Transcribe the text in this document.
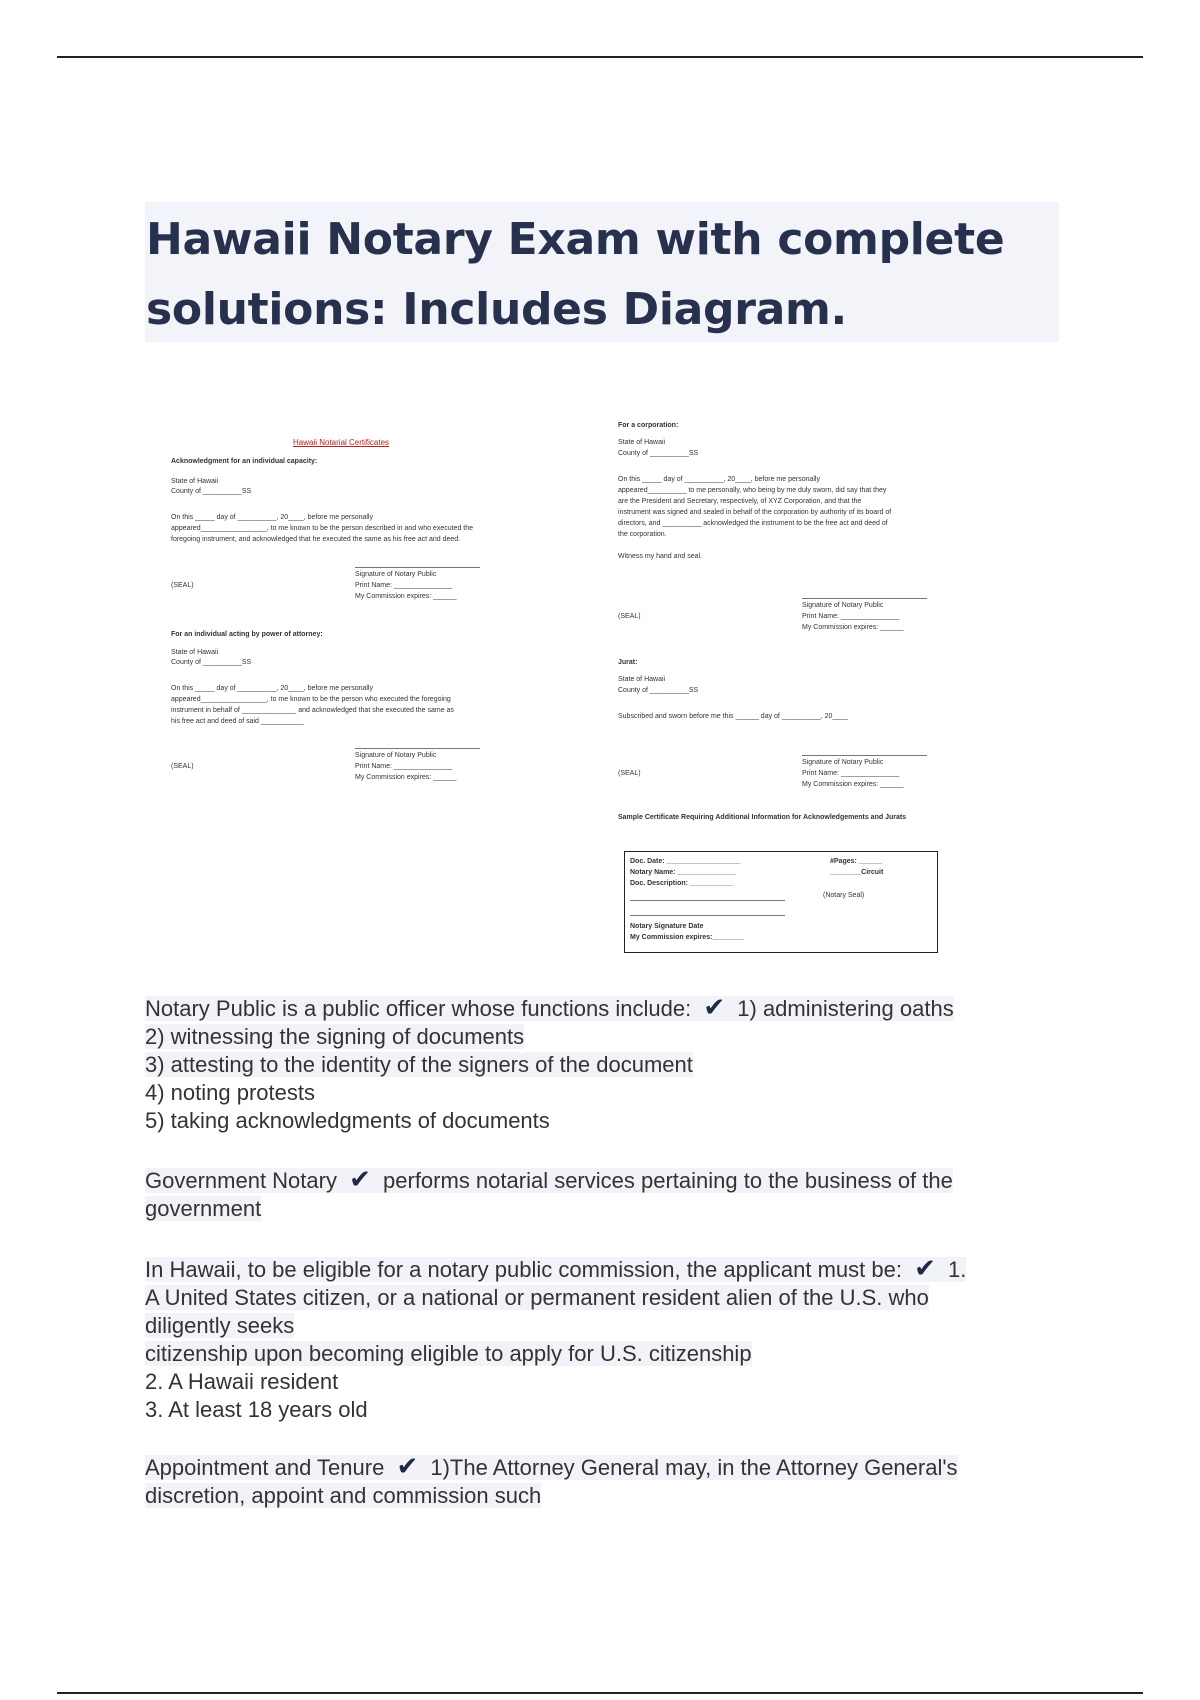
Hawaii Notary Exam with complete
solutions: Includes Diagram.
Hawaii Notarial Certificates
Acknowledgment for an individual capacity:
State of Hawaii
County of __________SS
On this _____ day of __________, 20____, before me personally
appeared_________________, to me known to be the person described in and who executed the
foregoing instrument, and acknowledged that he executed the same as his free act and deed.
Signature of Notary Public
Print Name: _______________
My Commission expires: ______
(SEAL)
For an individual acting by power of attorney:
State of Hawaii
County of __________SS
On this _____ day of __________, 20____, before me personally
appeared_________________, to me known to be the person who executed the foregoing
instrument in behalf of ______________ and acknowledged that she executed the same as
his free act and deed of said ___________
Signature of Notary Public
Print Name: _______________
My Commission expires: ______
(SEAL)
For a corporation:
State of Hawaii
County of __________SS
On this _____ day of __________, 20____, before me personally
appeared__________ to me personally, who being by me duly sworn, did say that they
are the President and Secretary, respectively, of XYZ Corporation, and that the
instrument was signed and sealed in behalf of the corporation by authority of its board of
directors, and __________ acknowledged the instrument to be the free act and deed of
the corporation.
Witness my hand and seal.
Signature of Notary Public
Print Name: _______________
My Commission expires: ______
(SEAL)
Jurat:
State of Hawaii
County of __________SS
Subscribed and sworn before me this ______ day of __________, 20____
Signature of Notary Public
Print Name: _______________
My Commission expires: ______
(SEAL)
Sample Certificate Requiring Additional Information for Acknowledgements and Jurats
Doc. Date: ___________________	#Pages: ______
Notary Name: _______________	________Circuit
Doc. Description: ___________
(Notary Seal)
Notary Signature Date
My Commission expires:________
Notary Public is a public officer whose functions include: ✔ 1) administering oaths
2) witnessing the signing of documents
3) attesting to the identity of the signers of the document
4) noting protests
5) taking acknowledgments of documents
Government Notary ✔ performs notarial services pertaining to the business of the
government
In Hawaii, to be eligible for a notary public commission, the applicant must be: ✔ 1.
A United States citizen, or a national or permanent resident alien of the U.S. who
diligently seeks
citizenship upon becoming eligible to apply for U.S. citizenship
2. A Hawaii resident
3. At least 18 years old
Appointment and Tenure ✔ 1)The Attorney General may, in the Attorney General's
discretion, appoint and commission such
